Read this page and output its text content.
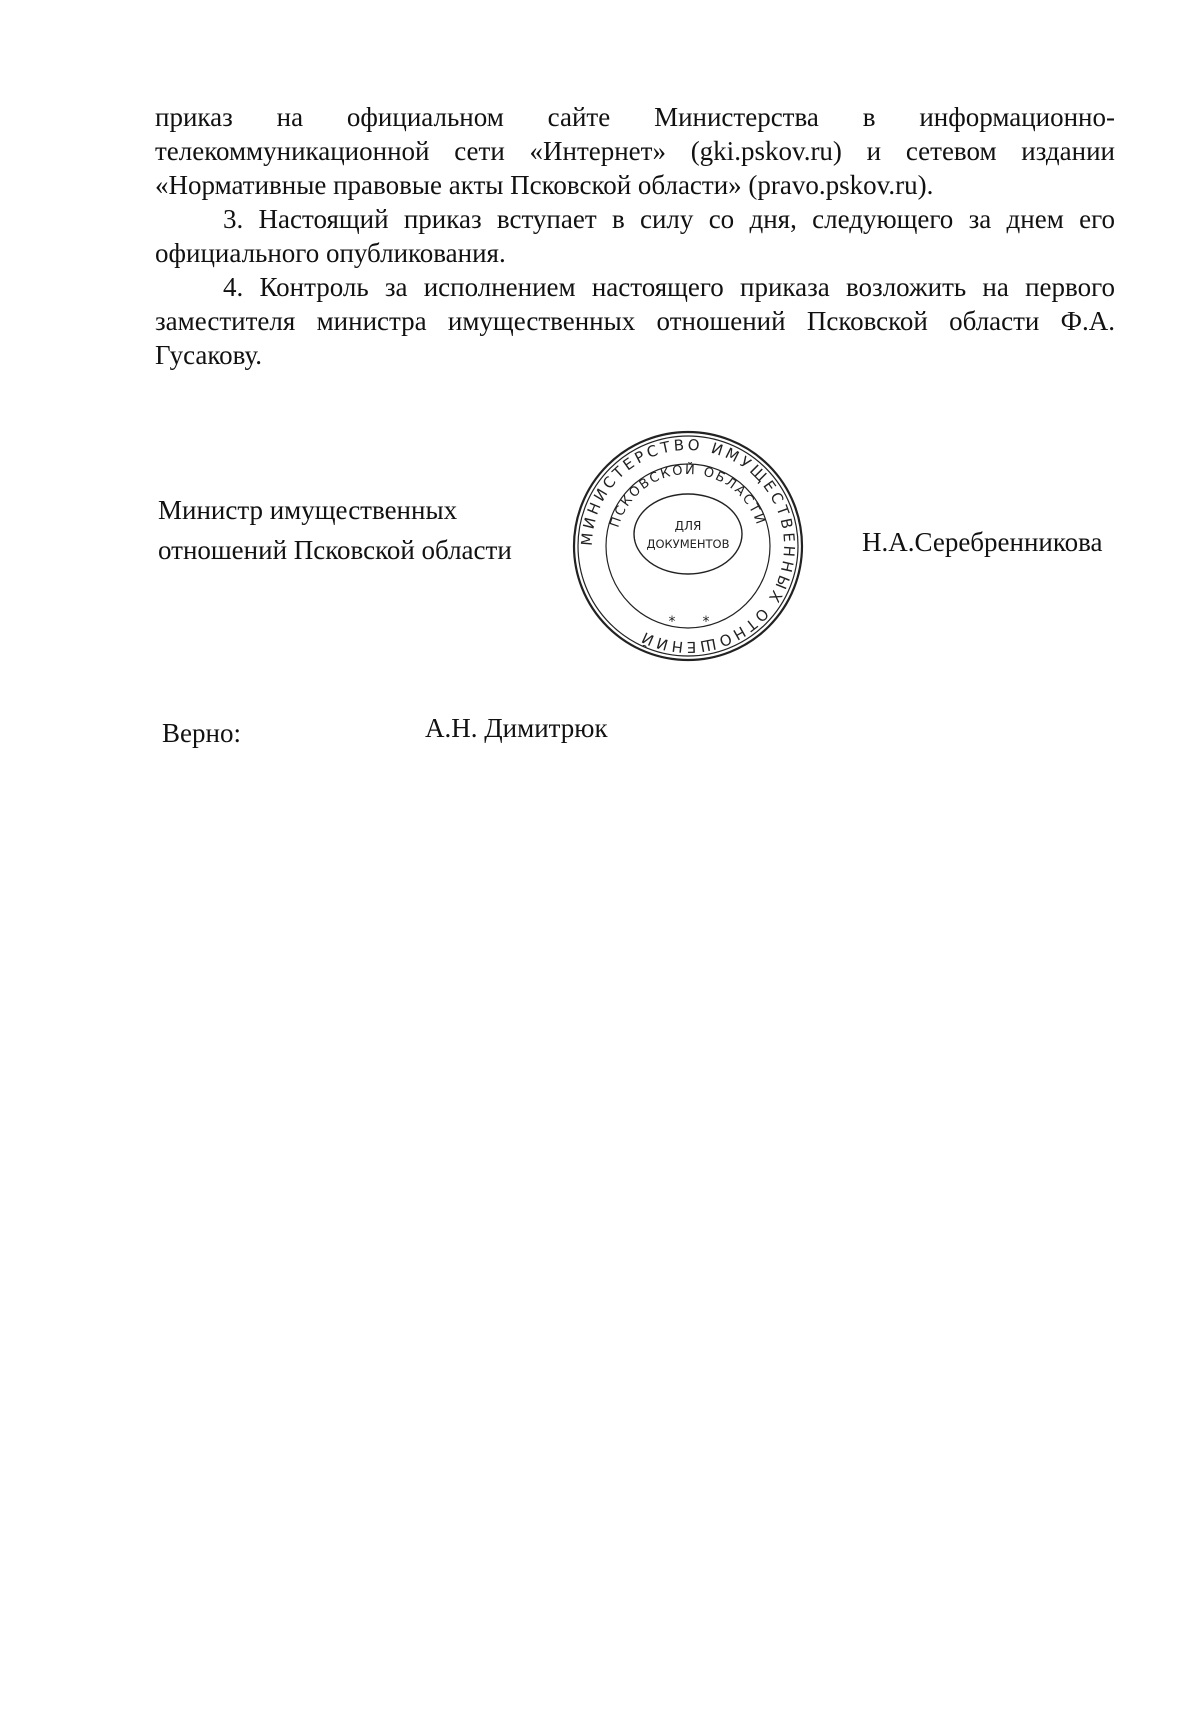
приказ на официальном сайте Министерства в информационно-телекоммуникационной сети «Интернет» (gki.pskov.ru) и сетевом издании «Нормативные правовые акты Псковской области» (pravo.pskov.ru).

3. Настоящий приказ вступает в силу со дня, следующего за днем его официального опубликования.

4. Контроль за исполнением настоящего приказа возложить на первого заместителя министра имущественных отношений Псковской области Ф.А. Гусакову.

Министр имущественных
отношений Псковской области	МИНИСТЕРСТВО ИМУЩЕСТВЕННЫХ ОТНОШЕНИЙ
ПСКОВСКОЙ ОБЛАСТИ
ДЛЯ
ДОКУМЕНТОВ
* *
Н.А.Серебренникова
Верно:	А.Н. Димитрюк
